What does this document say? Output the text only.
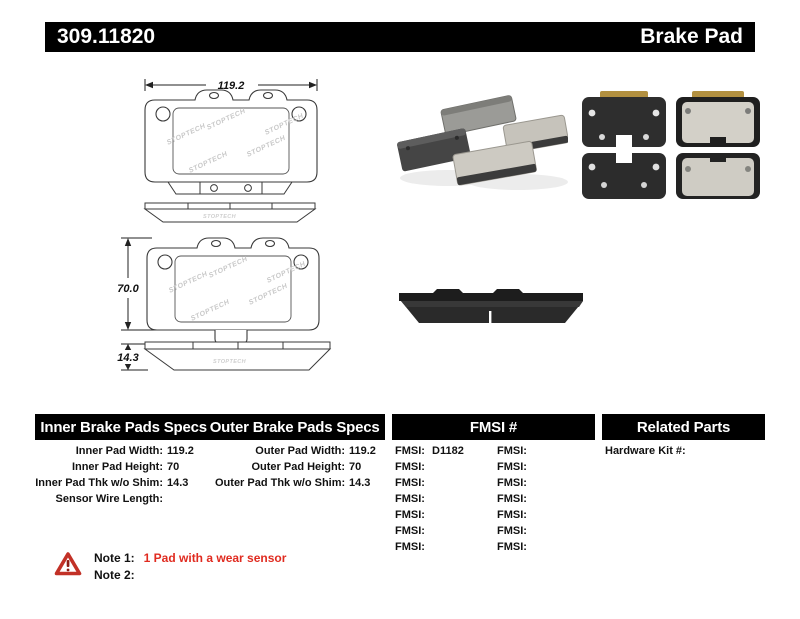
309.11820	Brake Pad
119.2
STOPTECH
STOPTECH
STOPTECH
STOPTECH
STOPTECH
STOPTECH
70.0	STOPTECH
STOPTECH
STOPTECH
STOPTECH
STOPTECH
14.3	STOPTECH
Inner Brake Pads Specs Outer Brake Pads Specs	FMSI #	Related Parts
Inner Pad Width: 119.2
Inner Pad Height: 70
Inner Pad Thk w/o Shim: 14.3
Sensor Wire Length:
Outer Pad Width: 119.2
Outer Pad Height: 70
Outer Pad Thk w/o Shim: 14.3
FMSI: D1182
FMSI:
FMSI:
FMSI:
FMSI:
FMSI:
FMSI:
FMSI:
FMSI:
FMSI:
FMSI:
FMSI:
FMSI:
FMSI:
Hardware Kit #:
Note 1: 1 Pad with a wear sensor
Note 2:
